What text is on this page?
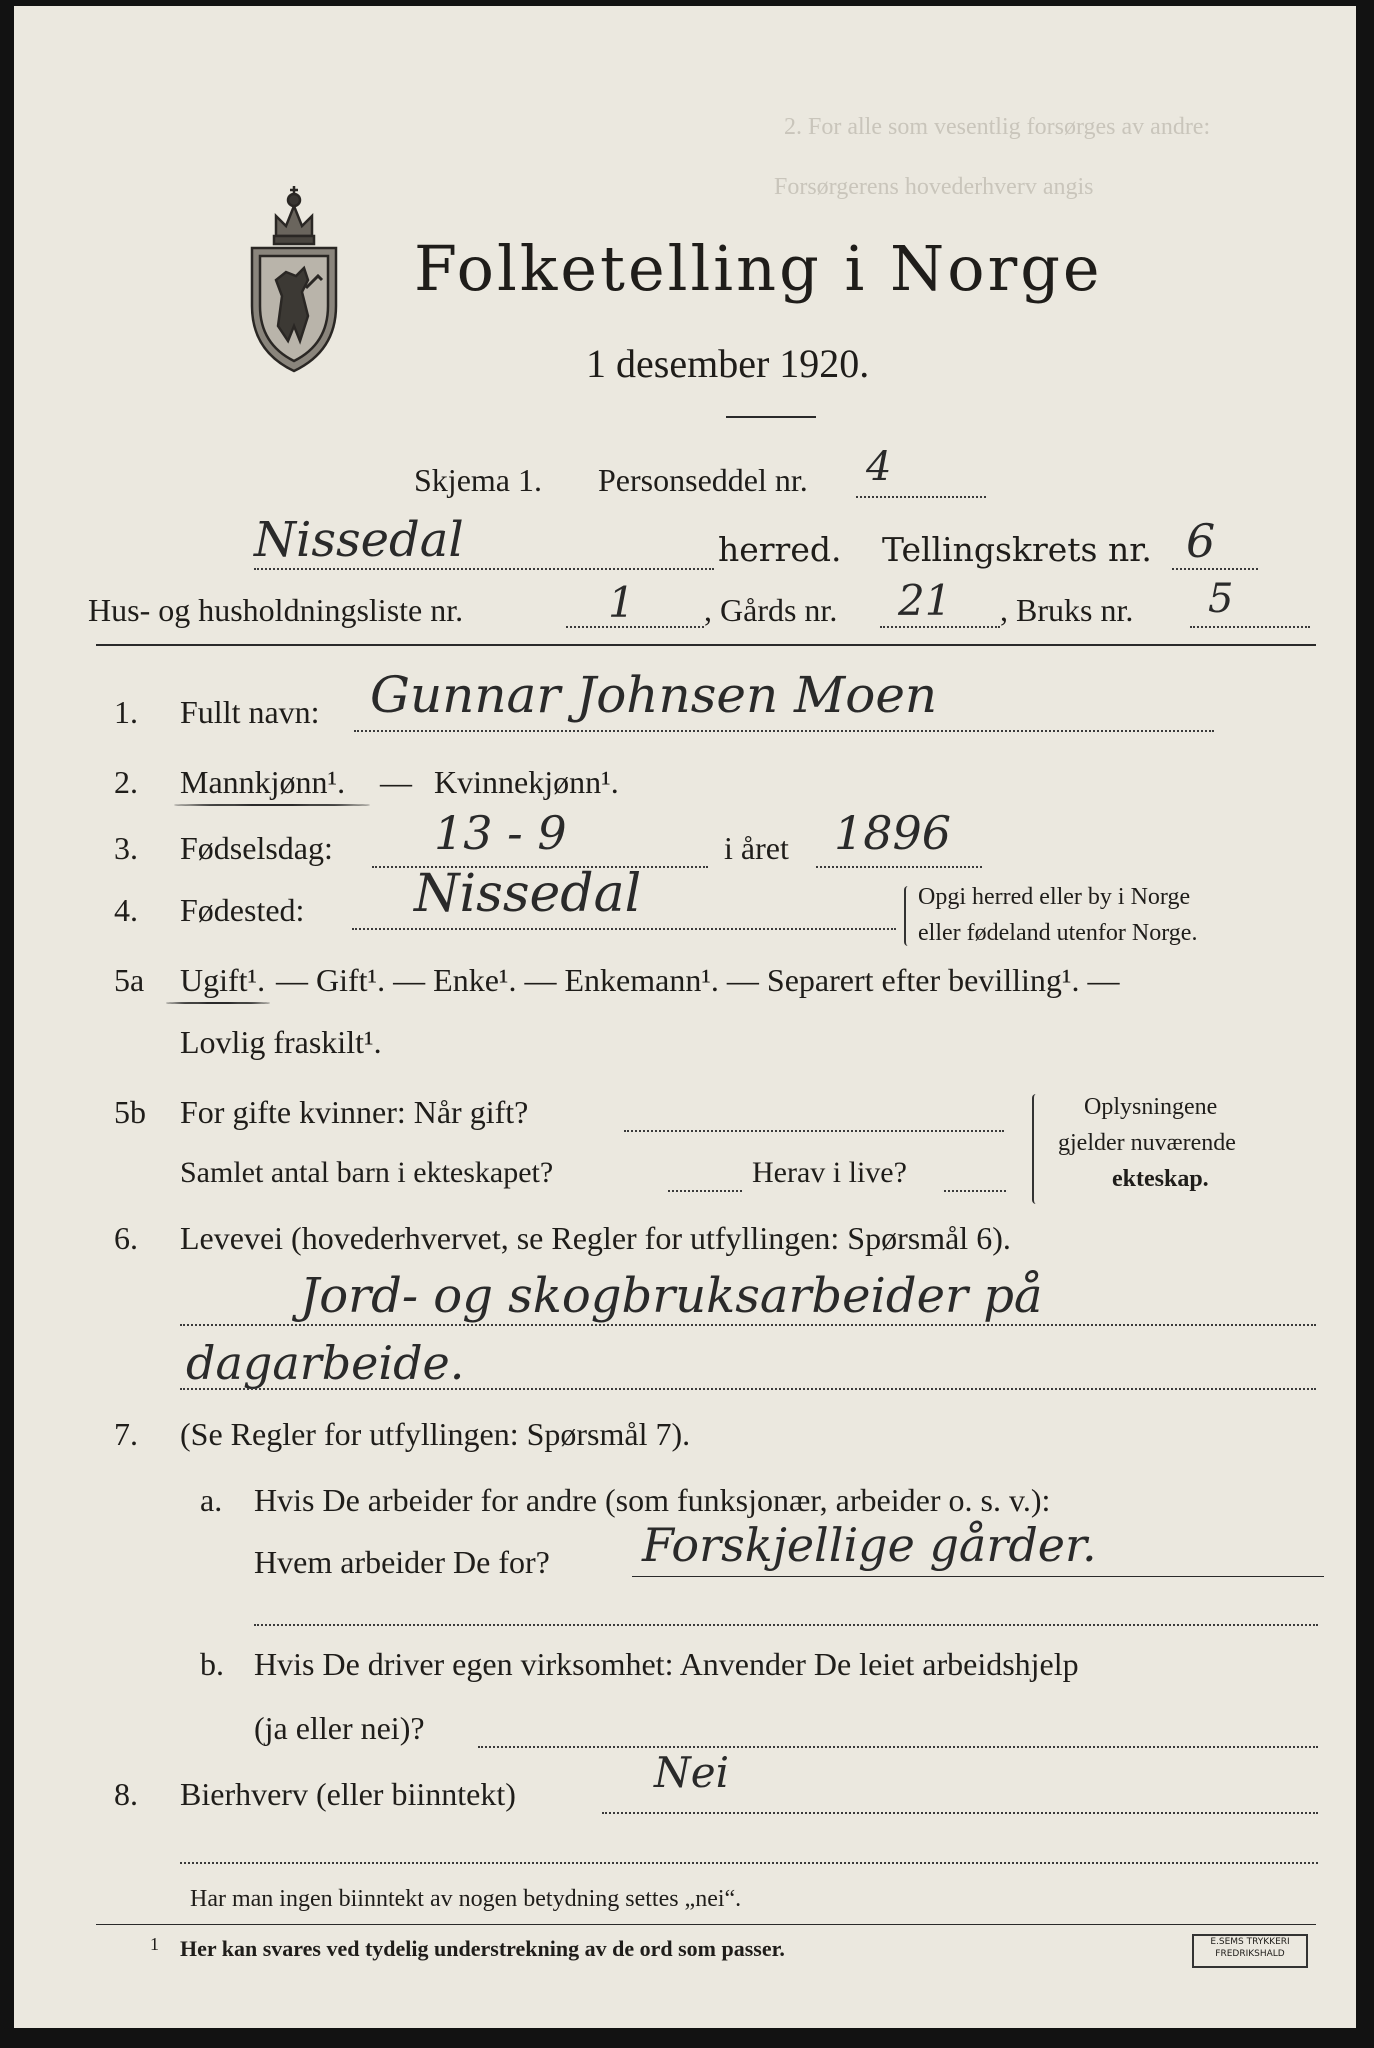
2. For alle som vesentlig forsørges av andre:
Forsørgerens hovederhverv angis
Folketelling i Norge
1 desember 1920.
Skjema 1. Personseddel nr. 4
Nissedal	herred. Tellingskrets nr. 6
Hus- og husholdningsliste nr.	1 , Gårds nr. 21 , Bruks nr. 5
1. Fullt navn: Gunnar Johnsen Moen
2. Mannkjønn¹. — Kvinnekjønn¹.
3. Fødselsdag: 13 - 9	i året 1896
4. Fødested: Nissedal	Opgi herred eller by i Norge
eller fødeland utenfor Norge.
5a Ugift¹. — Gift¹. — Enke¹. — Enkemann¹. — Separert efter bevilling¹. —
Lovlig fraskilt¹.
5b For gifte kvinner: Når gift?
Samlet antal barn i ekteskapet?	Herav i live?
Oplysningene
gjelder nuværende
ekteskap.
6. Levevei (hovederhvervet, se Regler for utfyllingen: Spørsmål 6).
Jord- og skogbruksarbeider på
dagarbeide.
7. (Se Regler for utfyllingen: Spørsmål 7).
a. Hvis De arbeider for andre (som funksjonær, arbeider o. s. v.):
Hvem arbeider De for? Forskjellige gårder.
b. Hvis De driver egen virksomhet: Anvender De leiet arbeidshjelp
(ja eller nei)?
8. Bierhverv (eller biinntekt)	Nei
Har man ingen biinntekt av nogen betydning settes „nei“.
1 Her kan svares ved tydelig understrekning av de ord som passer.	E.SEMS TRYKKERI
FREDRIKSHALD
